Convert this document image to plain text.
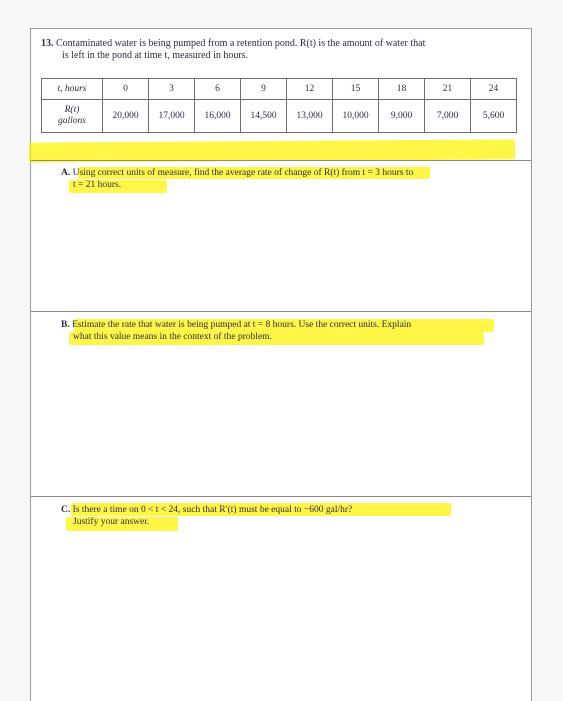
13. Contaminated water is being pumped from a retention pond. R(t) is the amount of water that
is left in the pond at time t, measured in hours.
t, hours	0	3	6	9	12	15	18	21	24
R(t)
gallons	20,000	17,000	16,000	14,500	13,000	10,000	9,000	7,000	5,600
A. Using correct units of measure, find the average rate of change of R(t) from t = 3 hours to
t = 21 hours.
B. Estimate the rate that water is being pumped at t = 8 hours. Use the correct units. Explain
what this value means in the context of the problem.
C. Is there a time on 0 < t < 24, such that R′(t) must be equal to −600 gal/hr?
Justify your answer.
